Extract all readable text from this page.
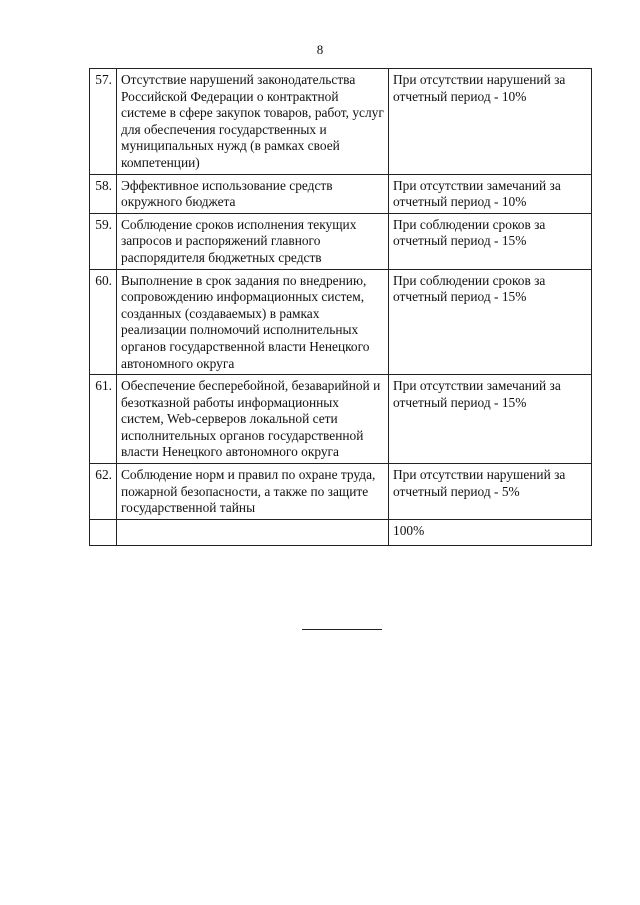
8
57.	Отсутствие нарушений законодательства Российской Федерации о контрактной системе в сфере закупок товаров, работ, услуг для обеспечения государственных и муниципальных нужд (в рамках своей компетенции)	При отсутствии нарушений за отчетный период - 10%
58.	Эффективное использование средств окружного бюджета	При отсутствии замечаний за отчетный период - 10%
59.	Соблюдение сроков исполнения текущих запросов и распоряжений главного распорядителя бюджетных средств	При соблюдении сроков за отчетный период - 15%
60.	Выполнение в срок задания по внедрению, сопровождению информационных систем, созданных (создаваемых) в рамках реализации полномочий исполнительных органов государственной власти Ненецкого автономного округа	При соблюдении сроков за отчетный период - 15%
61.	Обеспечение бесперебойной, безаварийной и безотказной работы информационных систем, Web-серверов локальной сети исполнительных органов государственной власти Ненецкого автономного округа	При отсутствии замечаний за отчетный период - 15%
62.	Соблюдение норм и правил по охране труда, пожарной безопасности, а также по защите государственной тайны	При отсутствии нарушений за отчетный период - 5%
		100%
